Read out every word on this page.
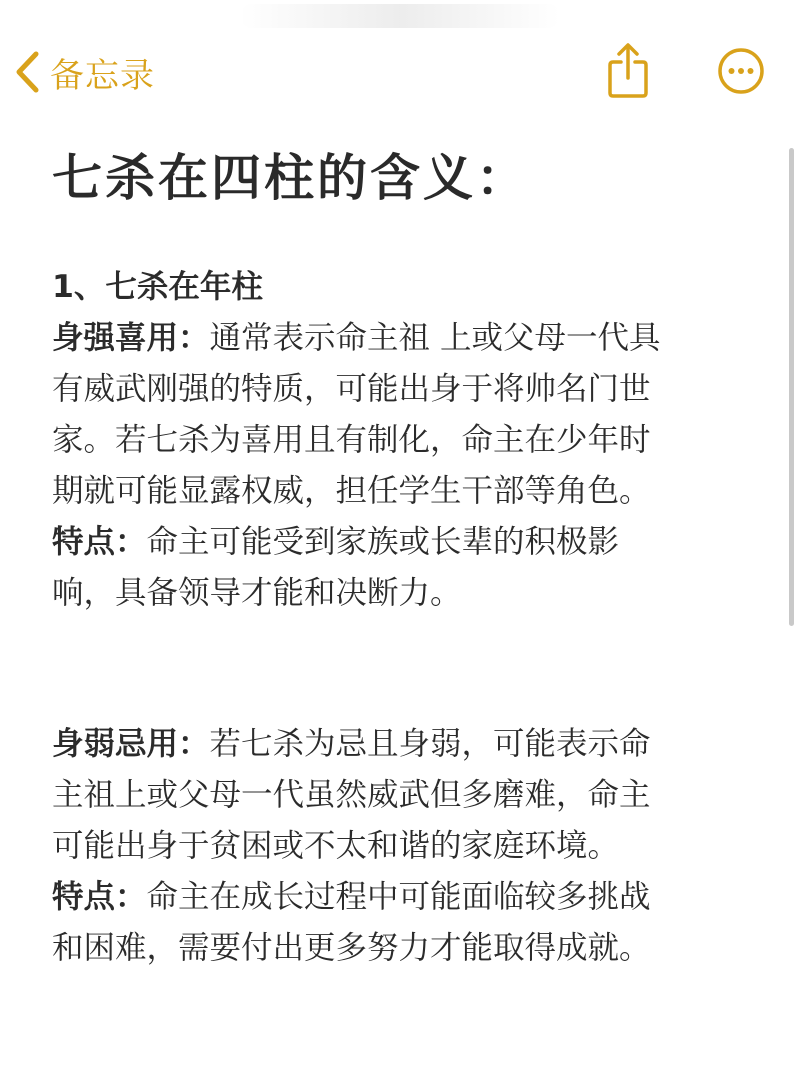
备忘录
七杀在四柱的含义：
1、七杀在年柱
身强喜用：通常表示命主祖 上或父母一代具
有威武刚强的特质，可能出身于将帅名门世
家。若七杀为喜用且有制化，命主在少年时
期就可能显露权威，担任学生干部等角色。
特点：命主可能受到家族或长辈的积极影
响，具备领导才能和决断力。
身弱忌用：若七杀为忌且身弱，可能表示命
主祖上或父母一代虽然威武但多磨难，命主
可能出身于贫困或不太和谐的家庭环境。
特点：命主在成长过程中可能面临较多挑战
和困难，需要付出更多努力才能取得成就。
